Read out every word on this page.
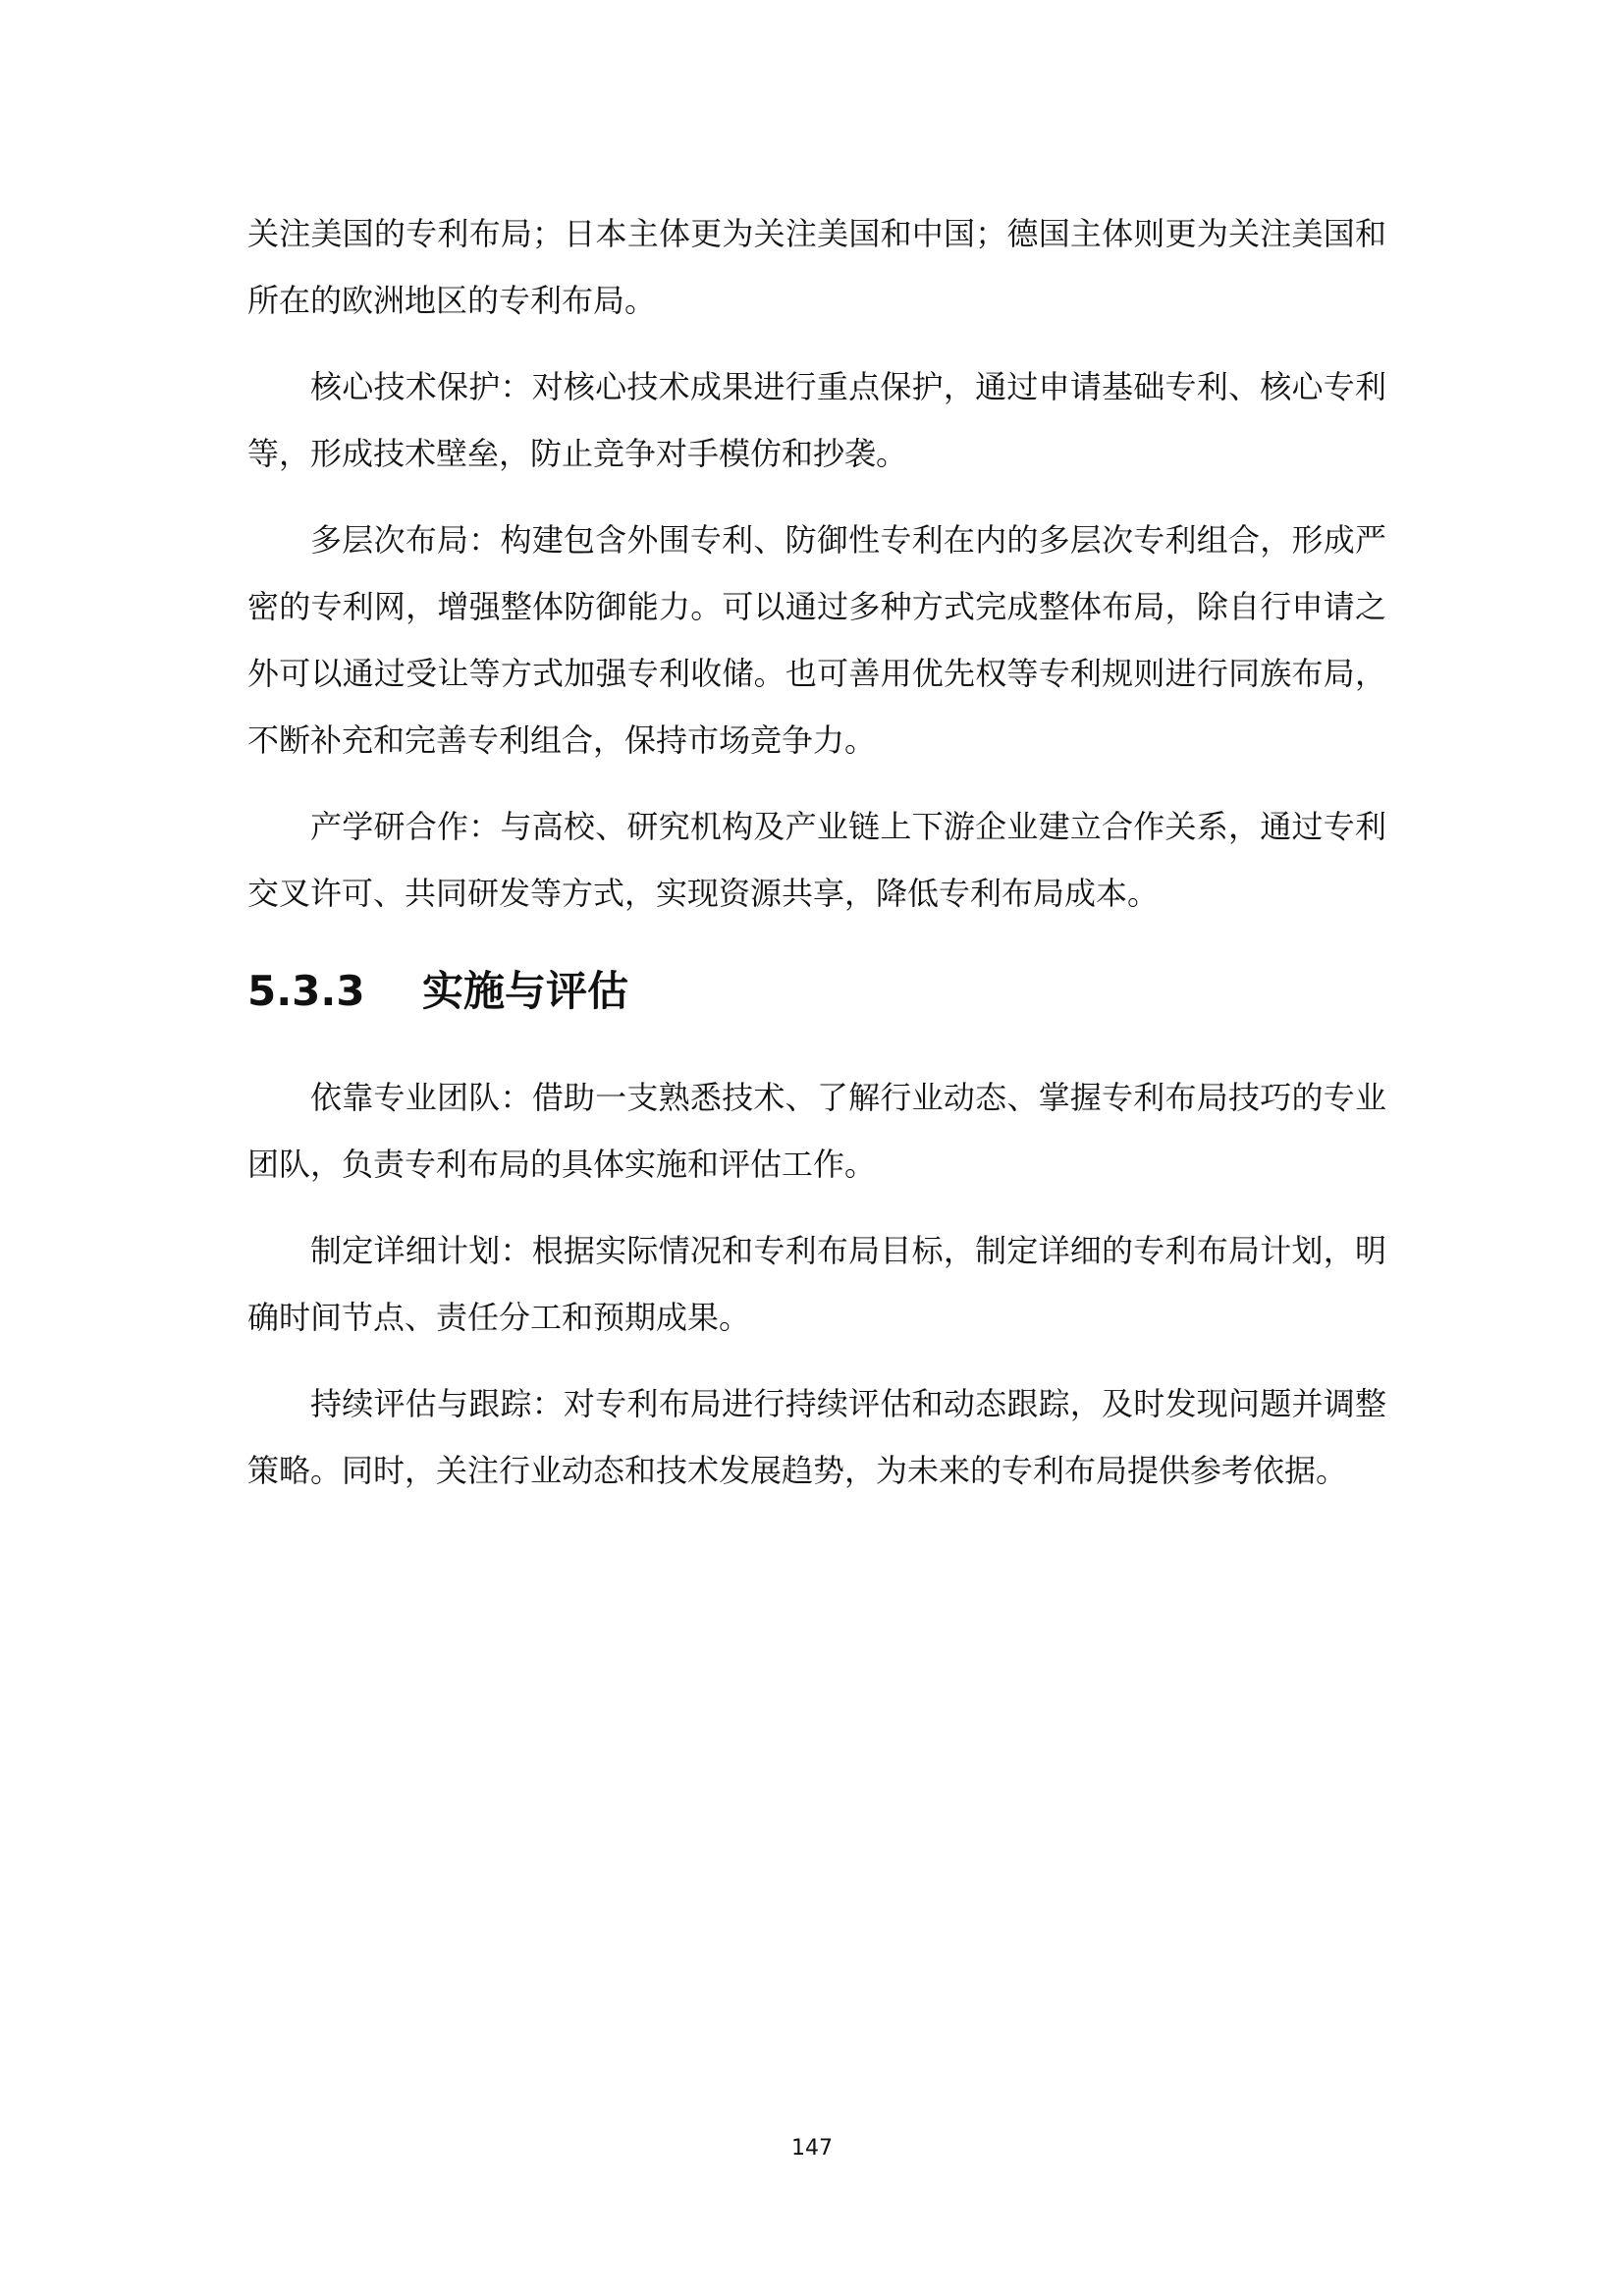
关注美国的专利布局；日本主体更为关注美国和中国；德国主体则更为关注美国和所在的欧洲地区的专利布局。

核心技术保护：对核心技术成果进行重点保护，通过申请基础专利、核心专利等，形成技术壁垒，防止竞争对手模仿和抄袭。

多层次布局：构建包含外围专利、防御性专利在内的多层次专利组合，形成严密的专利网，增强整体防御能力。可以通过多种方式完成整体布局，除自行申请之外可以通过受让等方式加强专利收储。也可善用优先权等专利规则进行同族布局，不断补充和完善专利组合，保持市场竞争力。

产学研合作：与高校、研究机构及产业链上下游企业建立合作关系，通过专利交叉许可、共同研发等方式，实现资源共享，降低专利布局成本。

5.3.3	实施与评估

依靠专业团队：借助一支熟悉技术、了解行业动态、掌握专利布局技巧的专业团队，负责专利布局的具体实施和评估工作。

制定详细计划：根据实际情况和专利布局目标，制定详细的专利布局计划，明确时间节点、责任分工和预期成果。

持续评估与跟踪：对专利布局进行持续评估和动态跟踪，及时发现问题并调整策略。同时，关注行业动态和技术发展趋势，为未来的专利布局提供参考依据。

147
